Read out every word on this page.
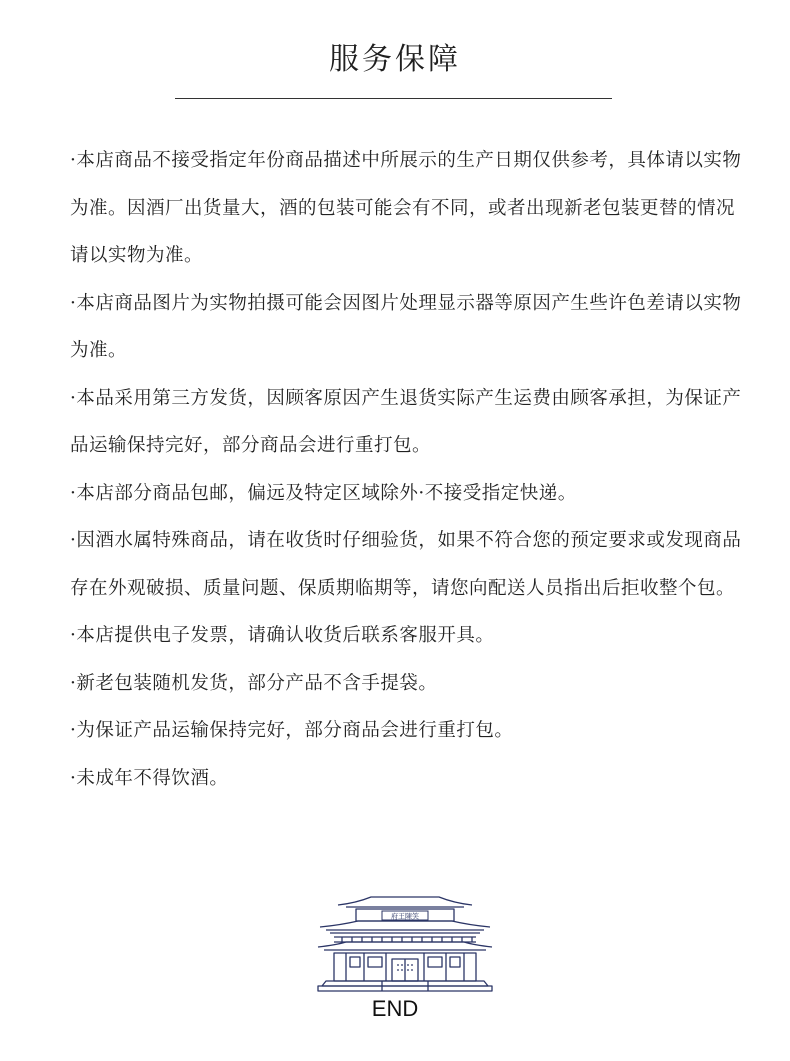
服务保障

·本店商品不接受指定年份商品描述中所展示的生产日期仅供参考，具体请以实物为准。因酒厂出货量大，酒的包装可能会有不同，或者出现新老包装更替的情况请以实物为准。

·本店商品图片为实物拍摄可能会因图片处理显示器等原因产生些许色差请以实物为准。

·本品采用第三方发货，因顾客原因产生退货实际产生运费由顾客承担，为保证产品运输保持完好，部分商品会进行重打包。

·本店部分商品包邮，偏远及特定区域除外·不接受指定快递。

·因酒水属特殊商品，请在收货时仔细验货，如果不符合您的预定要求或发现商品存在外观破损、质量问题、保质期临期等，请您向配送人员指出后拒收整个包。

·本店提供电子发票，请确认收货后联系客服开具。

·新老包装随机发货，部分产品不含手提袋。

·为保证产品运输保持完好，部分商品会进行重打包。

·未成年不得饮酒。

府王陳笑
END
